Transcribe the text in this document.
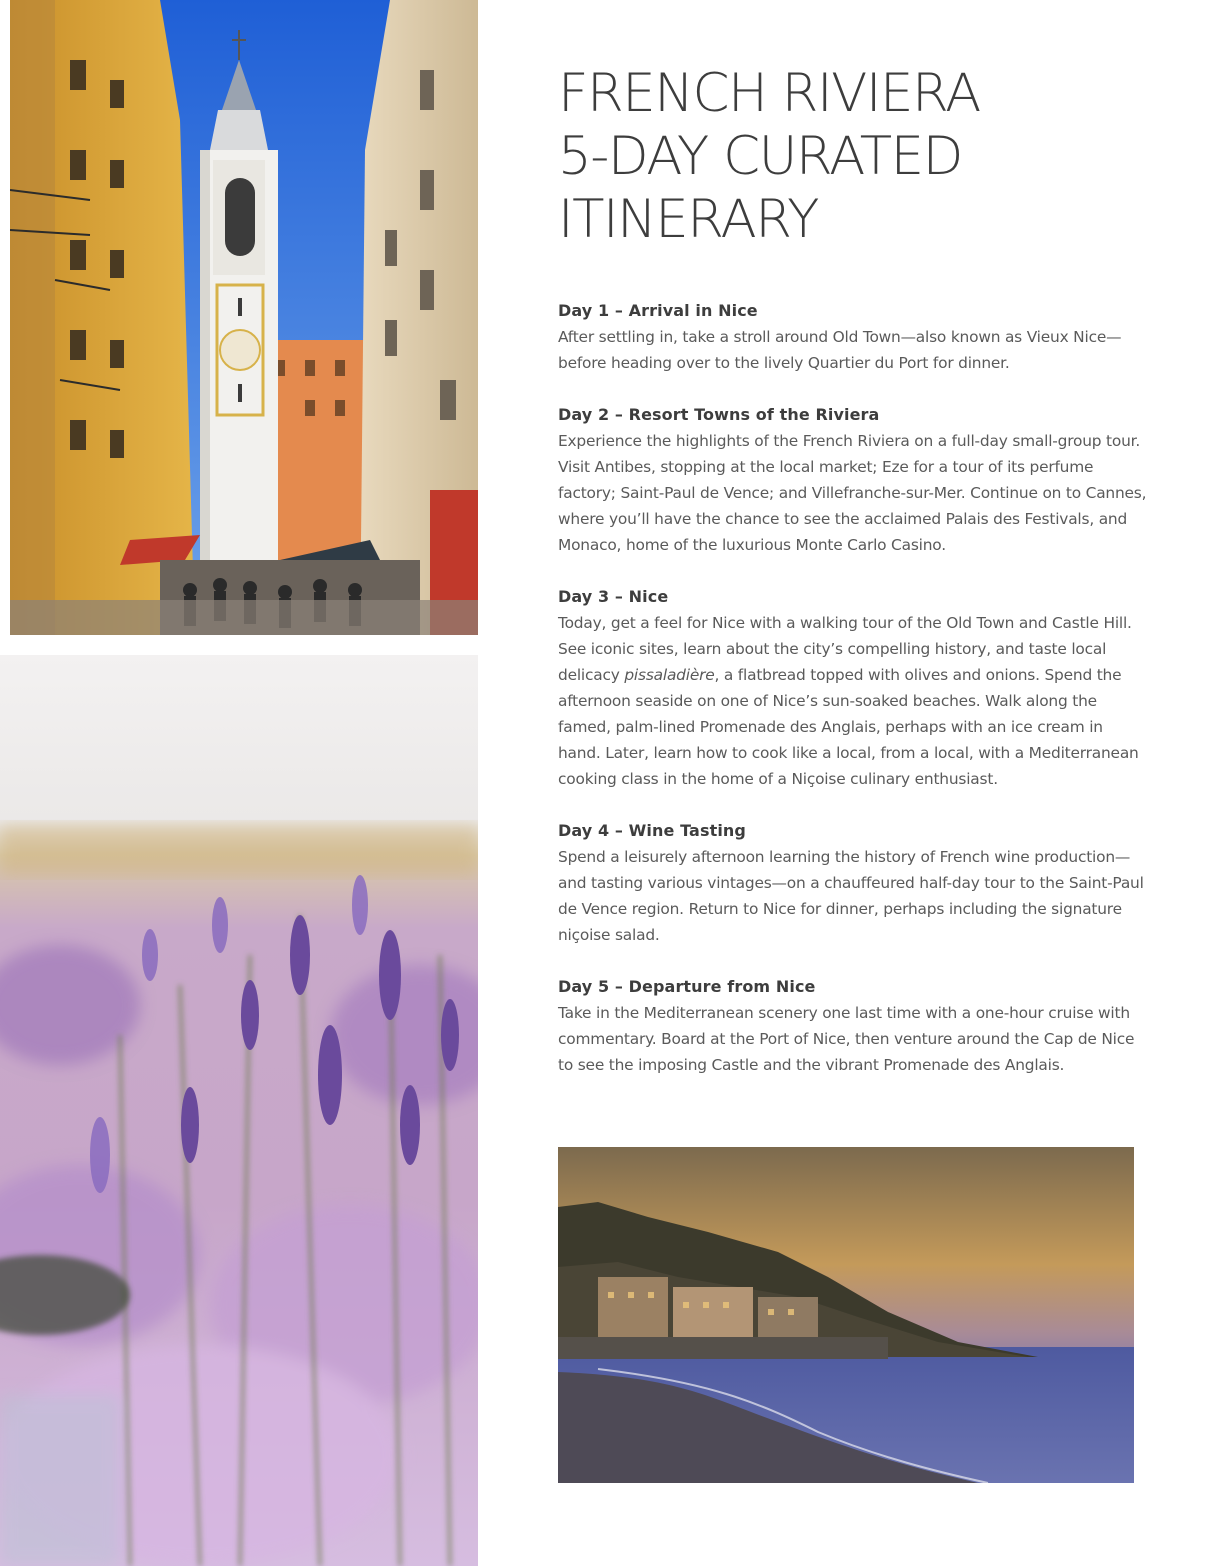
FRENCH RIVIERA
5-DAY CURATED
ITINERARY
Day 1 – Arrival in Nice

After settling in, take a stroll around Old Town—also known as Vieux Nice—before heading over to the lively Quartier du Port for dinner.

Day 2 – Resort Towns of the Riviera

Experience the highlights of the French Riviera on a full-day small-group tour. Visit Antibes, stopping at the local market; Eze for a tour of its perfume factory; Saint-Paul de Vence; and Villefranche-sur-Mer. Continue on to Cannes, where you’ll have the chance to see the acclaimed Palais des Festivals, and Monaco, home of the luxurious Monte Carlo Casino.

Day 3 – Nice

Today, get a feel for Nice with a walking tour of the Old Town and Castle Hill. See iconic sites, learn about the city’s compelling history, and taste local delicacy pissaladière, a flatbread topped with olives and onions. Spend the afternoon seaside on one of Nice’s sun-soaked beaches. Walk along the famed, palm-lined Promenade des Anglais, perhaps with an ice cream in hand. Later, learn how to cook like a local, from a local, with a Mediterranean cooking class in the home of a Niçoise culinary enthusiast.

Day 4 – Wine Tasting

Spend a leisurely afternoon learning the history of French wine production—and tasting various vintages—on a chauffeured half-day tour to the Saint-Paul de Vence region. Return to Nice for dinner, perhaps including the signature niçoise salad.

Day 5 – Departure from Nice

Take in the Mediterranean scenery one last time with a one-hour cruise with commentary. Board at the Port of Nice, then venture around the Cap de Nice to see the imposing Castle and the vibrant Promenade des Anglais.
